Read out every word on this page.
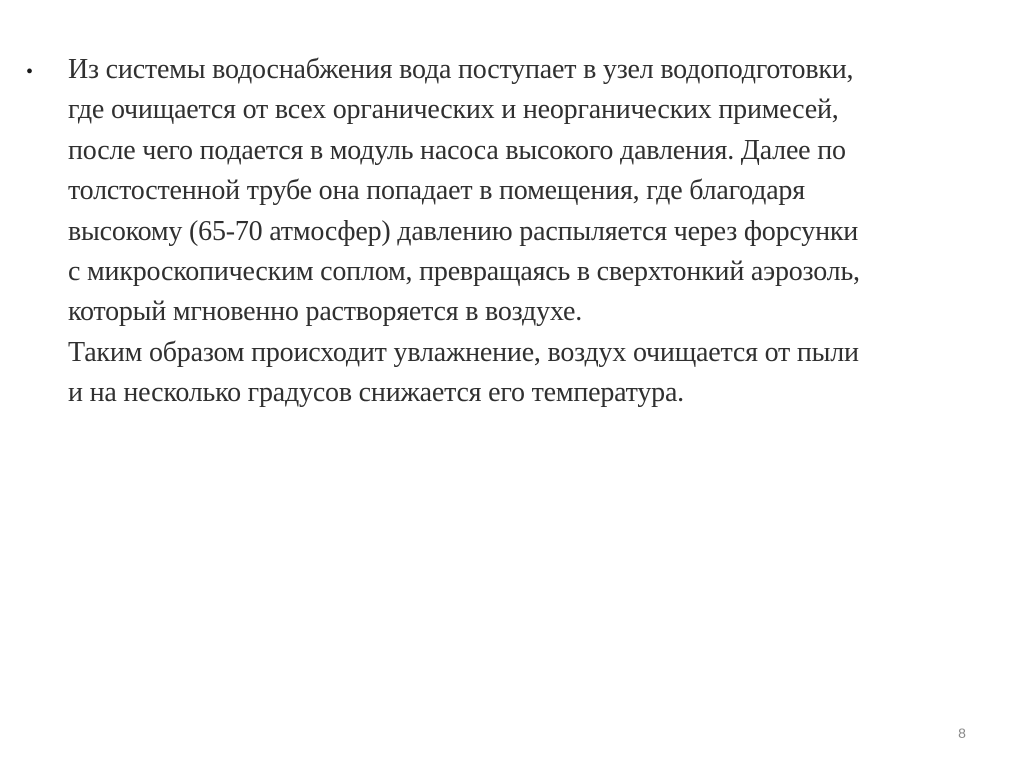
• Из системы водоснабжения вода поступает в узел водоподготовки,
где очищается от всех органических и неорганических примесей,
после чего подается в модуль насоса высокого давления. Далее по
толстостенной трубе она попадает в помещения, где благодаря
высокому (65-70 атмосфер) давлению распыляется через форсунки
с микроскопическим соплом, превращаясь в сверхтонкий аэрозоль,
который мгновенно растворяется в воздухе.
Таким образом происходит увлажнение, воздух очищается от пыли
и на несколько градусов снижается его температура.
8
